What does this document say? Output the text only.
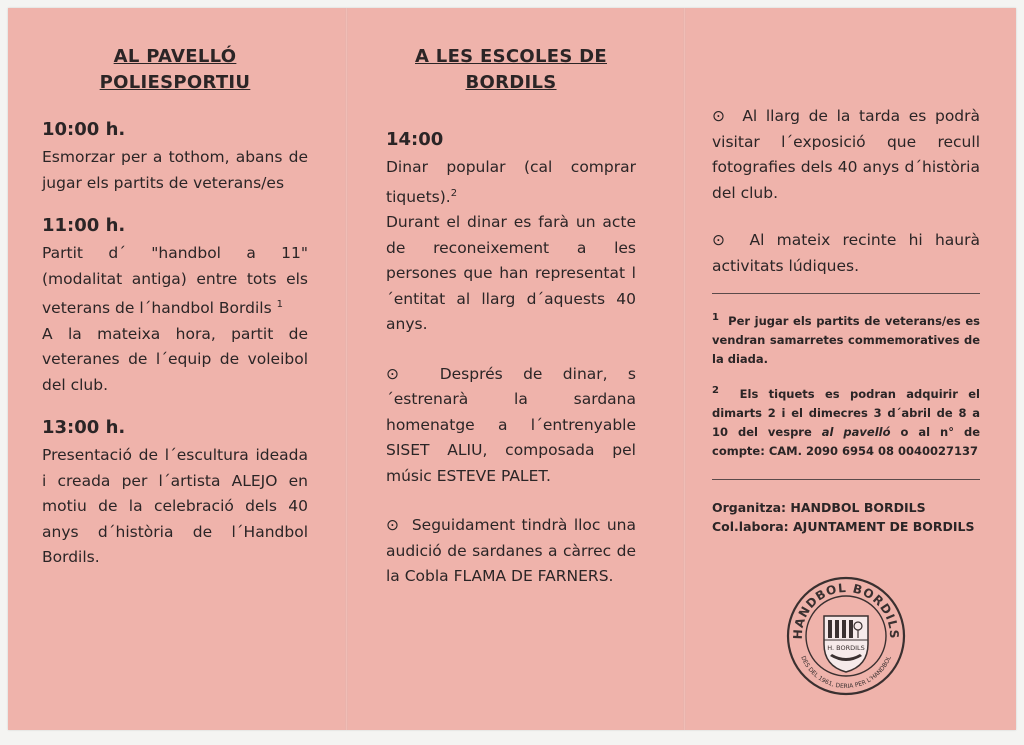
AL PAVELLÓ
POLIESPORTIU
10:00 h.
Esmorzar per a tothom, abans de jugar els partits de veterans/es
11:00 h.
Partit d´ "handbol a 11" (modalitat antiga) entre tots els veterans de l´handbol Bordils $^1$
A la mateixa hora, partit de veteranes de l´equip de voleibol del club.
13:00 h.
Presentació de l´escultura ideada i creada per l´artista ALEJO en motiu de la celebració dels 40 anys d´història de l´Handbol Bordils.
A LES ESCOLES DE
BORDILS
14:00
Dinar popular (cal comprar tiquets).$^2$
Durant el dinar es farà un acte de reconeixement a les persones que han representat l´entitat al llarg d´aquests 40 anys.
⊙	Després de dinar, s´estrenarà la sardana homenatge a l´entrenyable SISET ALIU, composada pel músic ESTEVE PALET.
⊙ Seguidament tindrà lloc una audició de sardanes a càrrec de la Cobla FLAMA DE FARNERS.
⊙ Al llarg de la tarda es podrà visitar l´exposició que recull fotografies dels 40 anys d´història del club.
⊙ Al mateix recinte hi haurà activitats lúdiques.
$^1$ Per jugar els partits de veterans/es es vendran samarretes commemoratives de la diada.
$^2$ Els tiquets es podran adquirir el dimarts 2 i el dimecres 3 d´abril de 8 a 10 del vespre al pavelló o al n° de compte: CAM. 2090 6954 08 0040027137
Organitza: HANDBOL BORDILS
Col.labora: AJUNTAMENT DE BORDILS
HANDBOL BORDILS
DES DEL 1961, DERIA PER L'HANDBOL
H. BORDILS
